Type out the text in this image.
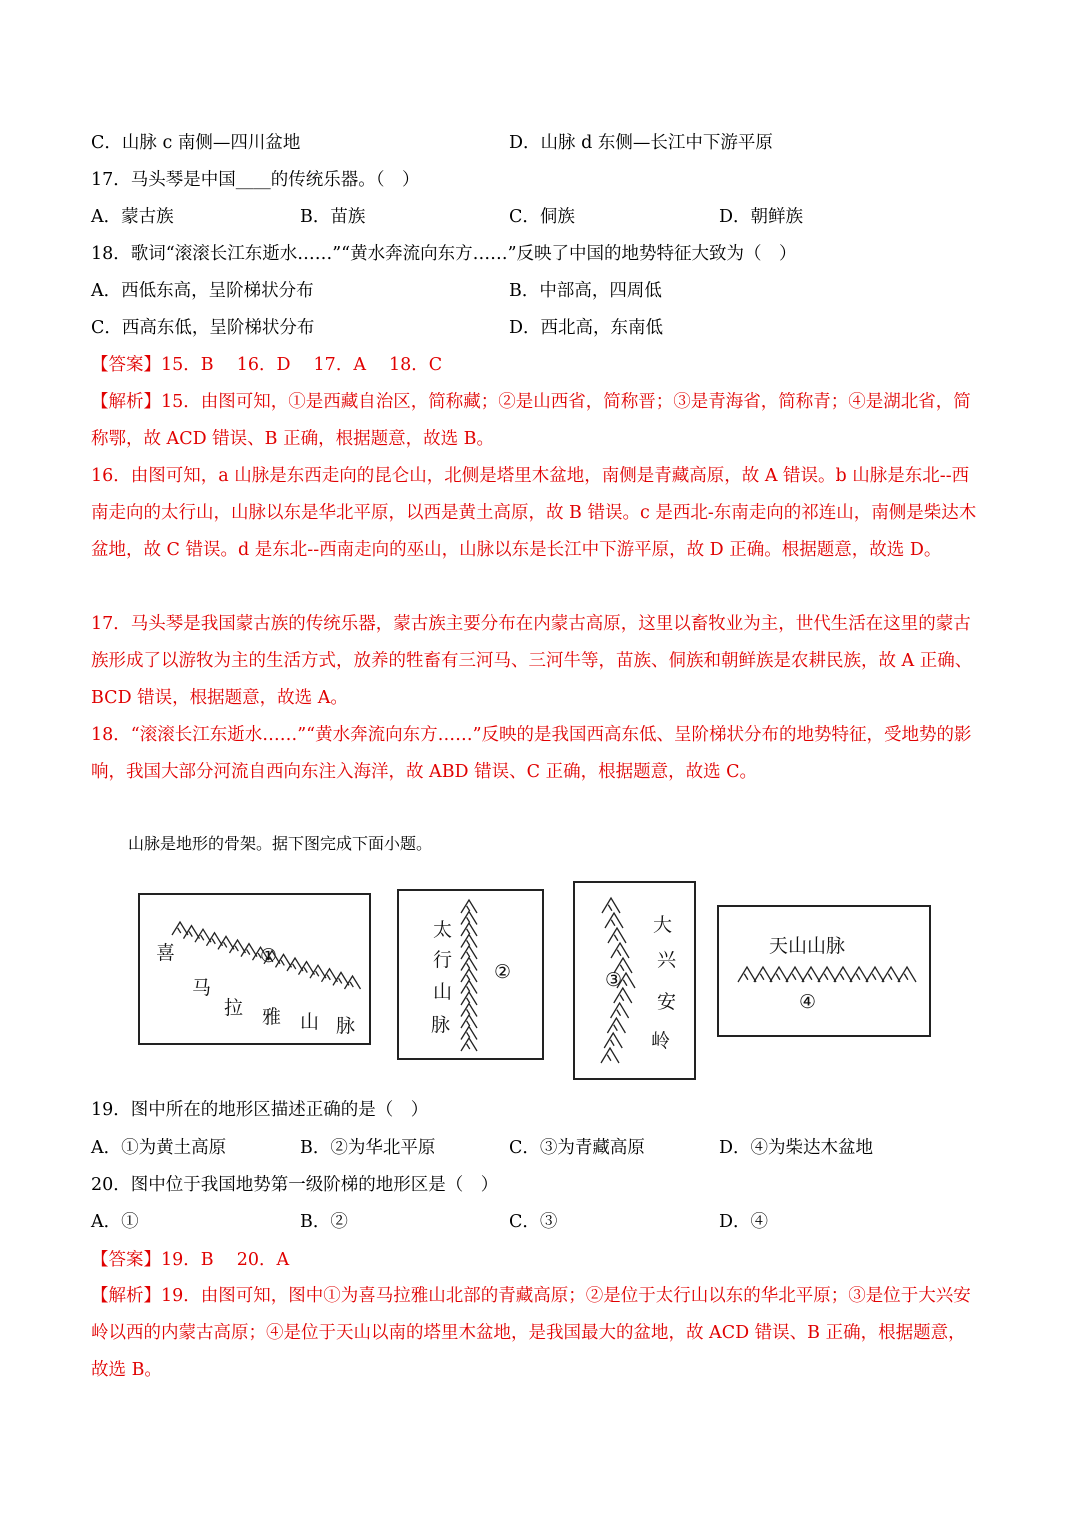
C．山脉 c 南侧—四川盆地	D．山脉 d 东侧—长江中下游平原
17．马头琴是中国____的传统乐器。（　）
A．蒙古族	B．苗族	C．侗族	D．朝鲜族
18．歌词“滚滚长江东逝水……”“黄水奔流向东方……”反映了中国的地势特征大致为（　）
A．西低东高，呈阶梯状分布	B．中部高，四周低
C．西高东低，呈阶梯状分布	D．西北高，东南低
【答案】15．B　 16．D　 17．A　 18．C
【解析】15．由图可知，①是西藏自治区，简称藏；②是山西省，简称晋；③是青海省，简称青；④是湖北省，简称鄂，故 ACD 错误、B 正确，根据题意，故选 B。
16．由图可知，a 山脉是东西走向的昆仑山，北侧是塔里木盆地，南侧是青藏高原，故 A 错误。b 山脉是东北--西南走向的太行山，山脉以东是华北平原，以西是黄土高原，故 B 错误。c 是西北-东南走向的祁连山，南侧是柴达木盆地，故 C 错误。d 是东北--西南走向的巫山，山脉以东是长江中下游平原，故 D 正确。根据题意，故选 D。
17．马头琴是我国蒙古族的传统乐器，蒙古族主要分布在内蒙古高原，这里以畜牧业为主，世代生活在这里的蒙古族形成了以游牧为主的生活方式，放养的牲畜有三河马、三河牛等，苗族、侗族和朝鲜族是农耕民族，故 A 正确、BCD 错误，根据题意，故选 A。
18．“滚滚长江东逝水……”“黄水奔流向东方……”反映的是我国西高东低、呈阶梯状分布的地势特征，受地势的影响，我国大部分河流自西向东注入海洋，故 ABD 错误、C 正确，根据题意，故选 C。
山脉是地形的骨架。据下图完成下面小题。
喜
马
拉 雅 山 脉
①
太
行
山
脉
②
大
兴
安
岭
③
天山山脉
④
19．图中所在的地形区描述正确的是（　）
A．①为黄土高原	B．②为华北平原	C．③为青藏高原	D．④为柴达木盆地
20．图中位于我国地势第一级阶梯的地形区是（　）
A．①	B．②	C．③	D．④
【答案】19．B　 20．A
【解析】19．由图可知，图中①为喜马拉雅山北部的青藏高原；②是位于太行山以东的华北平原；③是位于大兴安岭以西的内蒙古高原；④是位于天山以南的塔里木盆地，是我国最大的盆地，故 ACD 错误、B 正确，根据题意，故选 B。
